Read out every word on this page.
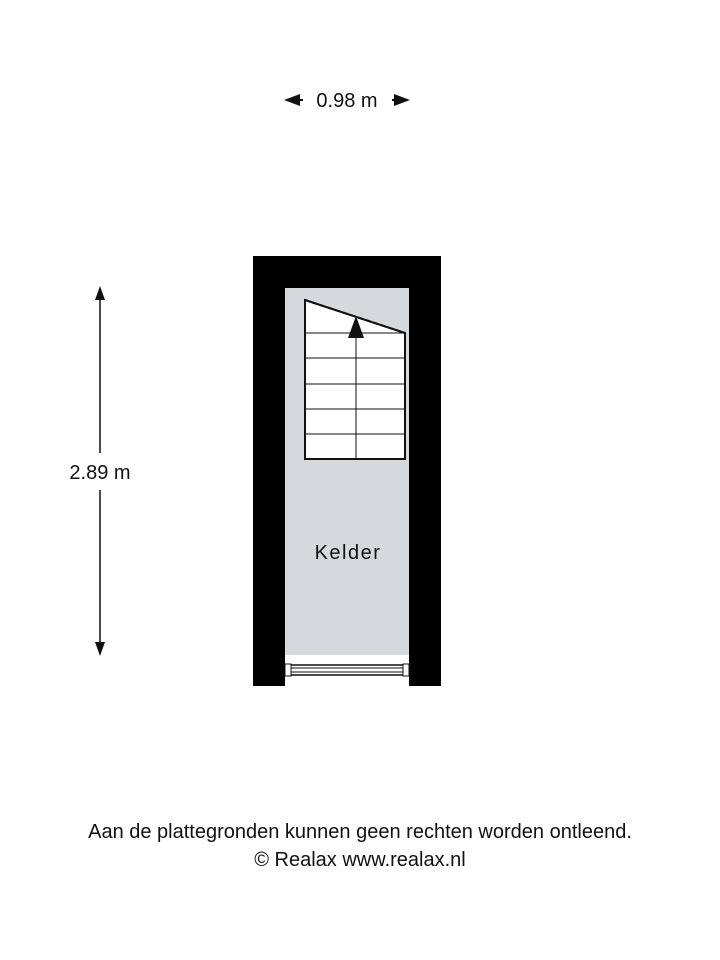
0.98 m
2.89 m
Kelder
Aan de plattegronden kunnen geen rechten worden ontleend.
© Realax www.realax.nl
